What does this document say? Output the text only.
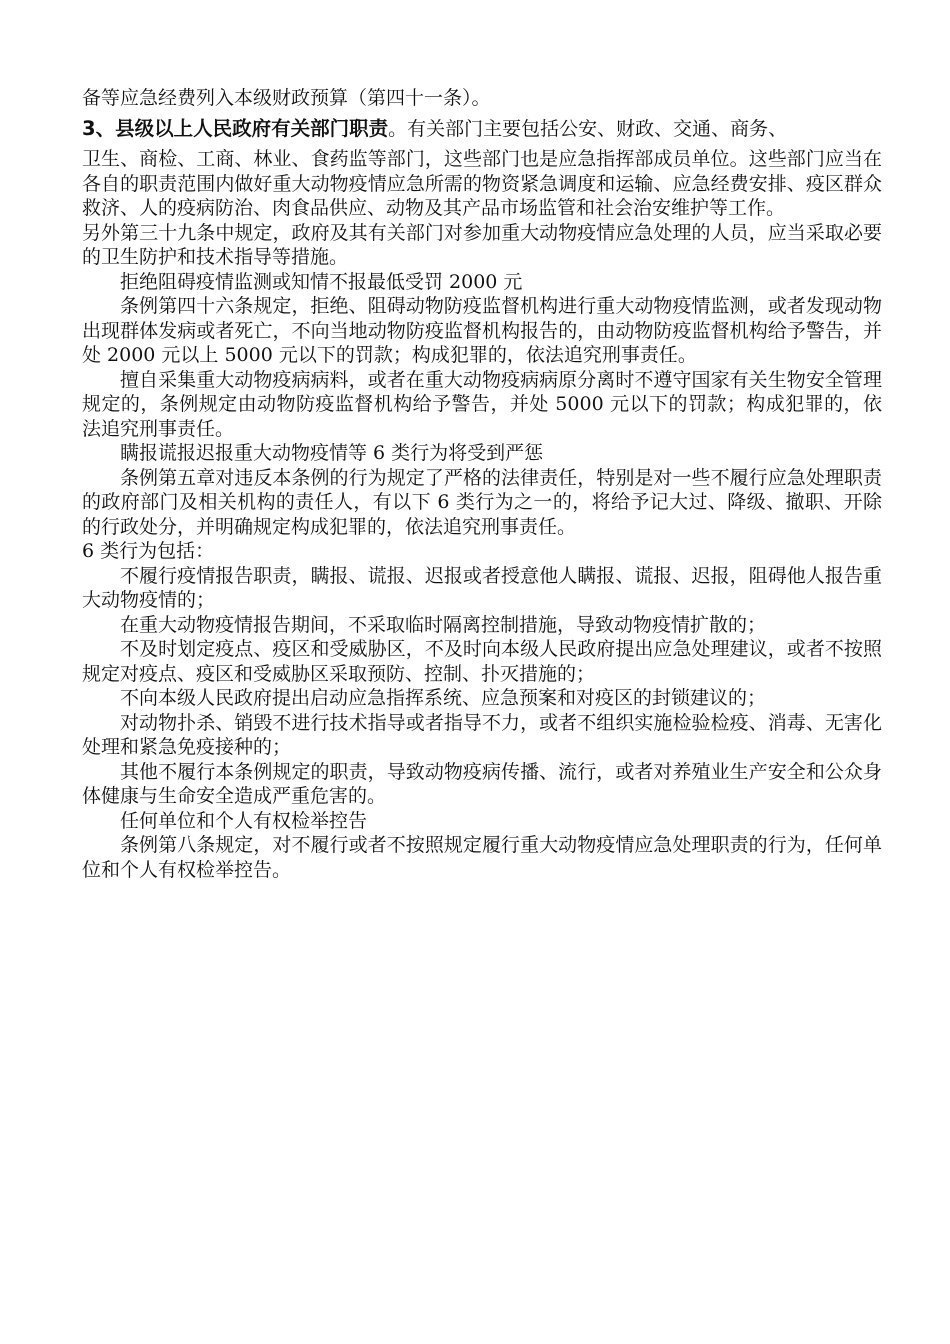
备等应急经费列入本级财政预算（第四十一条）。

3、县级以上人民政府有关部门职责。有关部门主要包括公安、财政、交通、商务、

卫生、商检、工商、林业、食药监等部门，这些部门也是应急指挥部成员单位。这些部门应当在各自的职责范围内做好重大动物疫情应急所需的物资紧急调度和运输、应急经费安排、疫区群众救济、人的疫病防治、肉食品供应、动物及其产品市场监管和社会治安维护等工作。

另外第三十九条中规定，政府及其有关部门对参加重大动物疫情应急处理的人员，应当采取必要的卫生防护和技术指导等措施。

拒绝阻碍疫情监测或知情不报最低受罚 2000 元

条例第四十六条规定，拒绝、阻碍动物防疫监督机构进行重大动物疫情监测，或者发现动物出现群体发病或者死亡，不向当地动物防疫监督机构报告的，由动物防疫监督机构给予警告，并处 2000 元以上 5000 元以下的罚款；构成犯罪的，依法追究刑事责任。

擅自采集重大动物疫病病料，或者在重大动物疫病病原分离时不遵守国家有关生物安全管理规定的，条例规定由动物防疫监督机构给予警告，并处 5000 元以下的罚款；构成犯罪的，依法追究刑事责任。

瞒报谎报迟报重大动物疫情等 6 类行为将受到严惩

条例第五章对违反本条例的行为规定了严格的法律责任，特别是对一些不履行应急处理职责的政府部门及相关机构的责任人，有以下 6 类行为之一的，将给予记大过、降级、撤职、开除的行政处分，并明确规定构成犯罪的，依法追究刑事责任。

6 类行为包括：

不履行疫情报告职责，瞒报、谎报、迟报或者授意他人瞒报、谎报、迟报，阻碍他人报告重大动物疫情的；

在重大动物疫情报告期间，不采取临时隔离控制措施，导致动物疫情扩散的；

不及时划定疫点、疫区和受威胁区，不及时向本级人民政府提出应急处理建议，或者不按照规定对疫点、疫区和受威胁区采取预防、控制、扑灭措施的；

不向本级人民政府提出启动应急指挥系统、应急预案和对疫区的封锁建议的；

对动物扑杀、销毁不进行技术指导或者指导不力，或者不组织实施检验检疫、消毒、无害化处理和紧急免疫接种的；

其他不履行本条例规定的职责，导致动物疫病传播、流行，或者对养殖业生产安全和公众身体健康与生命安全造成严重危害的。

任何单位和个人有权检举控告

条例第八条规定，对不履行或者不按照规定履行重大动物疫情应急处理职责的行为，任何单位和个人有权检举控告。
